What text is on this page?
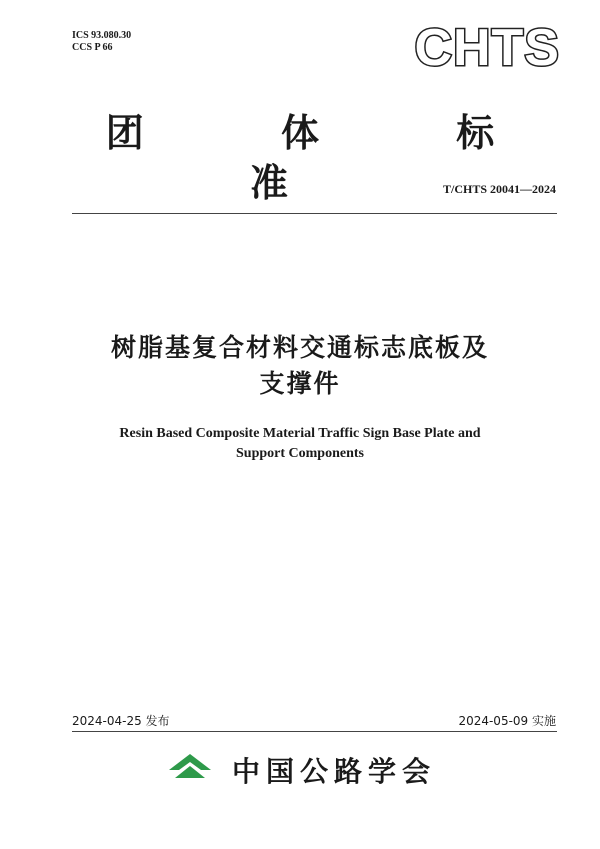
ICS 93.080.30
CCS P 66	CHTS
团 体 标 准	T/CHTS 20041—2024
树脂基复合材料交通标志底板及
支撑件
Resin Based Composite Material Traffic Sign Base Plate and
Support Components
2024-04-25 发布	2024-05-09 实施
中国公路学会
